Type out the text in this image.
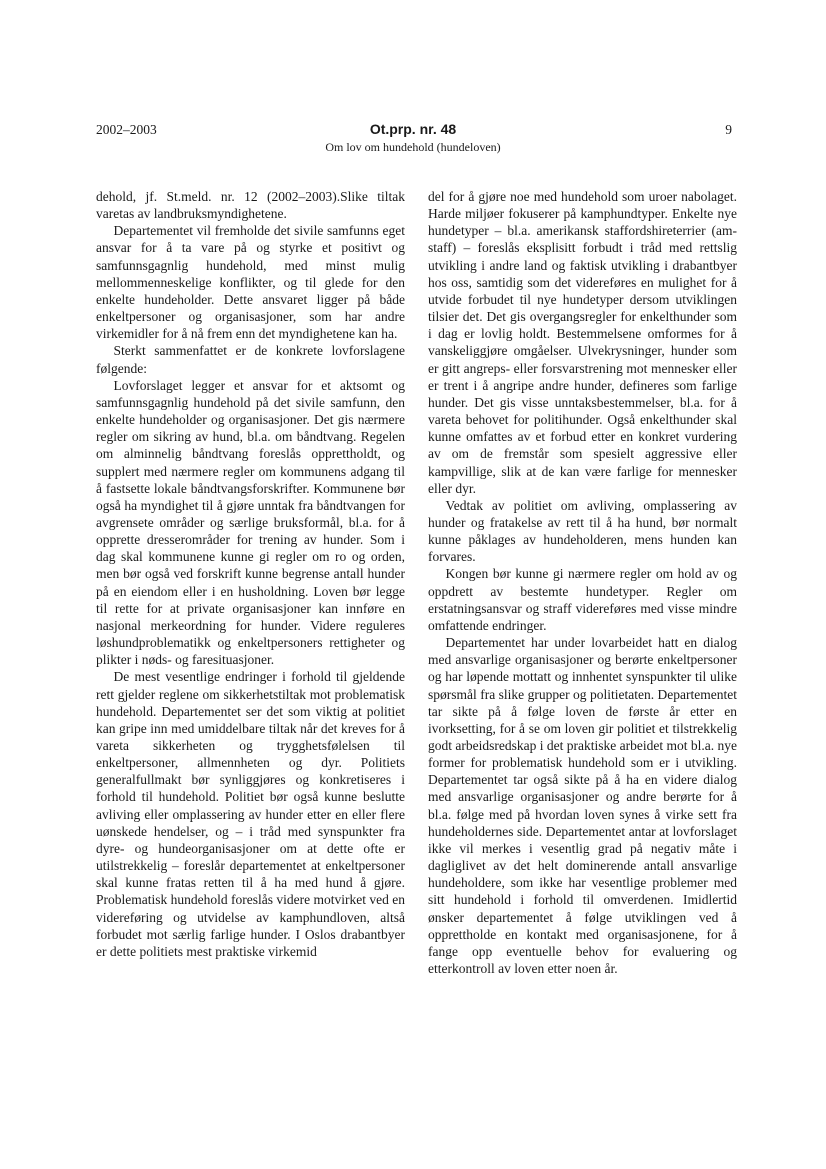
2002–2003	Ot.prp. nr. 48
Om lov om hundehold (hundeloven)
9

dehold, jf. St.meld. nr. 12 (2002–2003).Slike tiltak varetas av landbruksmyndighetene.

Departementet vil fremholde det sivile samfunns eget ansvar for å ta vare på og styrke et positivt og samfunnsgagnlig hundehold, med minst mulig mellommenneskelige konflikter, og til glede for den enkelte hundeholder. Dette ansvaret ligger på både enkeltpersoner og organisasjoner, som har andre virkemidler for å nå frem enn det myndighetene kan ha.

Sterkt sammenfattet er de konkrete lovforslagene følgende:

Lovforslaget legger et ansvar for et aktsomt og samfunnsgagnlig hundehold på det sivile samfunn, den enkelte hundeholder og organisasjoner. Det gis nærmere regler om sikring av hund, bl.a. om båndtvang. Regelen om alminnelig båndtvang foreslås opprettholdt, og supplert med nærmere regler om kommunens adgang til å fastsette lokale båndtvangsforskrifter. Kommunene bør også ha myndighet til å gjøre unntak fra båndtvangen for avgrensete områder og særlige bruksformål, bl.a. for å opprette dresserområder for trening av hunder. Som i dag skal kommunene kunne gi regler om ro og orden, men bør også ved forskrift kunne begrense antall hunder på en eiendom eller i en husholdning. Loven bør legge til rette for at private organisasjoner kan innføre en nasjonal merkeordning for hunder. Videre reguleres løshundproblematikk og enkeltpersoners rettigheter og plikter i nøds- og faresituasjoner.

De mest vesentlige endringer i forhold til gjeldende rett gjelder reglene om sikkerhetstiltak mot problematisk hundehold. Departementet ser det som viktig at politiet kan gripe inn med umiddelbare tiltak når det kreves for å vareta sikkerheten og trygghetsfølelsen til enkeltpersoner, allmennheten og dyr. Politiets generalfullmakt bør synliggjøres og konkretiseres i forhold til hundehold. Politiet bør også kunne beslutte avliving eller omplassering av hunder etter en eller flere uønskede hendelser, og – i tråd med synspunkter fra dyre- og hundeorganisasjoner om at dette ofte er utilstrekkelig – foreslår departementet at enkeltpersoner skal kunne fratas retten til å ha med hund å gjøre. Problematisk hundehold foreslås videre motvirket ved en videreføring og utvidelse av kamphundloven, altså forbudet mot særlig farlige hunder. I Oslos drabantbyer er dette politiets mest praktiske virkemid

del for å gjøre noe med hundehold som uroer nabolaget. Harde miljøer fokuserer på kamphundtyper. Enkelte nye hundetyper – bl.a. amerikansk staffordshireterrier (am-staff) – foreslås eksplisitt forbudt i tråd med rettslig utvikling i andre land og faktisk utvikling i drabantbyer hos oss, samtidig som det videreføres en mulighet for å utvide forbudet til nye hundetyper dersom utviklingen tilsier det. Det gis overgangsregler for enkelthunder som i dag er lovlig holdt. Bestemmelsene omformes for å vanskeliggjøre omgåelser. Ulvekrysninger, hunder som er gitt angreps- eller forsvarstrening mot mennesker eller er trent i å angripe andre hunder, defineres som farlige hunder. Det gis visse unntaksbestemmelser, bl.a. for å vareta behovet for politihunder. Også enkelthunder skal kunne omfattes av et forbud etter en konkret vurdering av om de fremstår som spesielt aggressive eller kampvillige, slik at de kan være farlige for mennesker eller dyr.

Vedtak av politiet om avliving, omplassering av hunder og fratakelse av rett til å ha hund, bør normalt kunne påklages av hundeholderen, mens hunden kan forvares.

Kongen bør kunne gi nærmere regler om hold av og oppdrett av bestemte hundetyper. Regler om erstatningsansvar og straff videreføres med visse mindre omfattende endringer.

Departementet har under lovarbeidet hatt en dialog med ansvarlige organisasjoner og berørte enkeltpersoner og har løpende mottatt og innhentet synspunkter til ulike spørsmål fra slike grupper og politietaten. Departementet tar sikte på å følge loven de første år etter en ivorksetting, for å se om loven gir politiet et tilstrekkelig godt arbeidsredskap i det praktiske arbeidet mot bl.a. nye former for problematisk hundehold som er i utvikling. Departementet tar også sikte på å ha en videre dialog med ansvarlige organisasjoner og andre berørte for å bl.a. følge med på hvordan loven synes å virke sett fra hundeholdernes side. Departementet antar at lovforslaget ikke vil merkes i vesentlig grad på negativ måte i dagliglivet av det helt dominerende antall ansvarlige hundeholdere, som ikke har vesentlige problemer med sitt hundehold i forhold til omverdenen. Imidlertid ønsker departementet å følge utviklingen ved å opprettholde en kontakt med organisasjonene, for å fange opp eventuelle behov for evaluering og etterkontroll av loven etter noen år.
